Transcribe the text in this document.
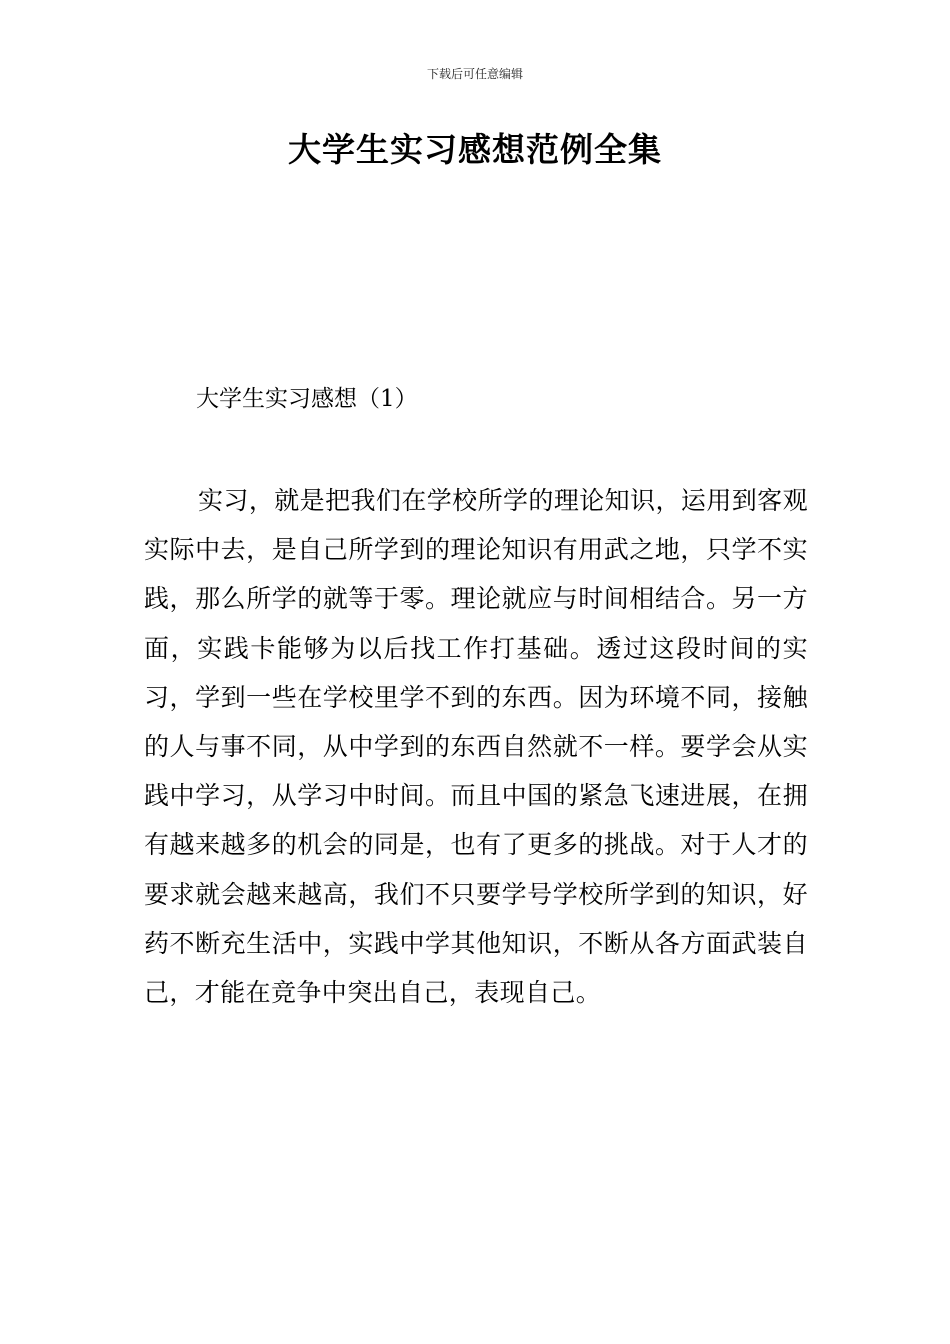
下载后可任意编辑
大学生实习感想范例全集
大学生实习感想（1）

实习，就是把我们在学校所学的理论知识，运用到客观实际中去，是自己所学到的理论知识有用武之地，只学不实践，那么所学的就等于零。理论就应与时间相结合。另一方面，实践卡能够为以后找工作打基础。透过这段时间的实习，学到一些在学校里学不到的东西。因为环境不同，接触的人与事不同，从中学到的东西自然就不一样。要学会从实践中学习，从学习中时间。而且中国的紧急飞速进展，在拥有越来越多的机会的同是，也有了更多的挑战。对于人才的要求就会越来越高，我们不只要学号学校所学到的知识，好药不断充生活中，实践中学其他知识，不断从各方面武装自己，才能在竞争中突出自己，表现自己。
